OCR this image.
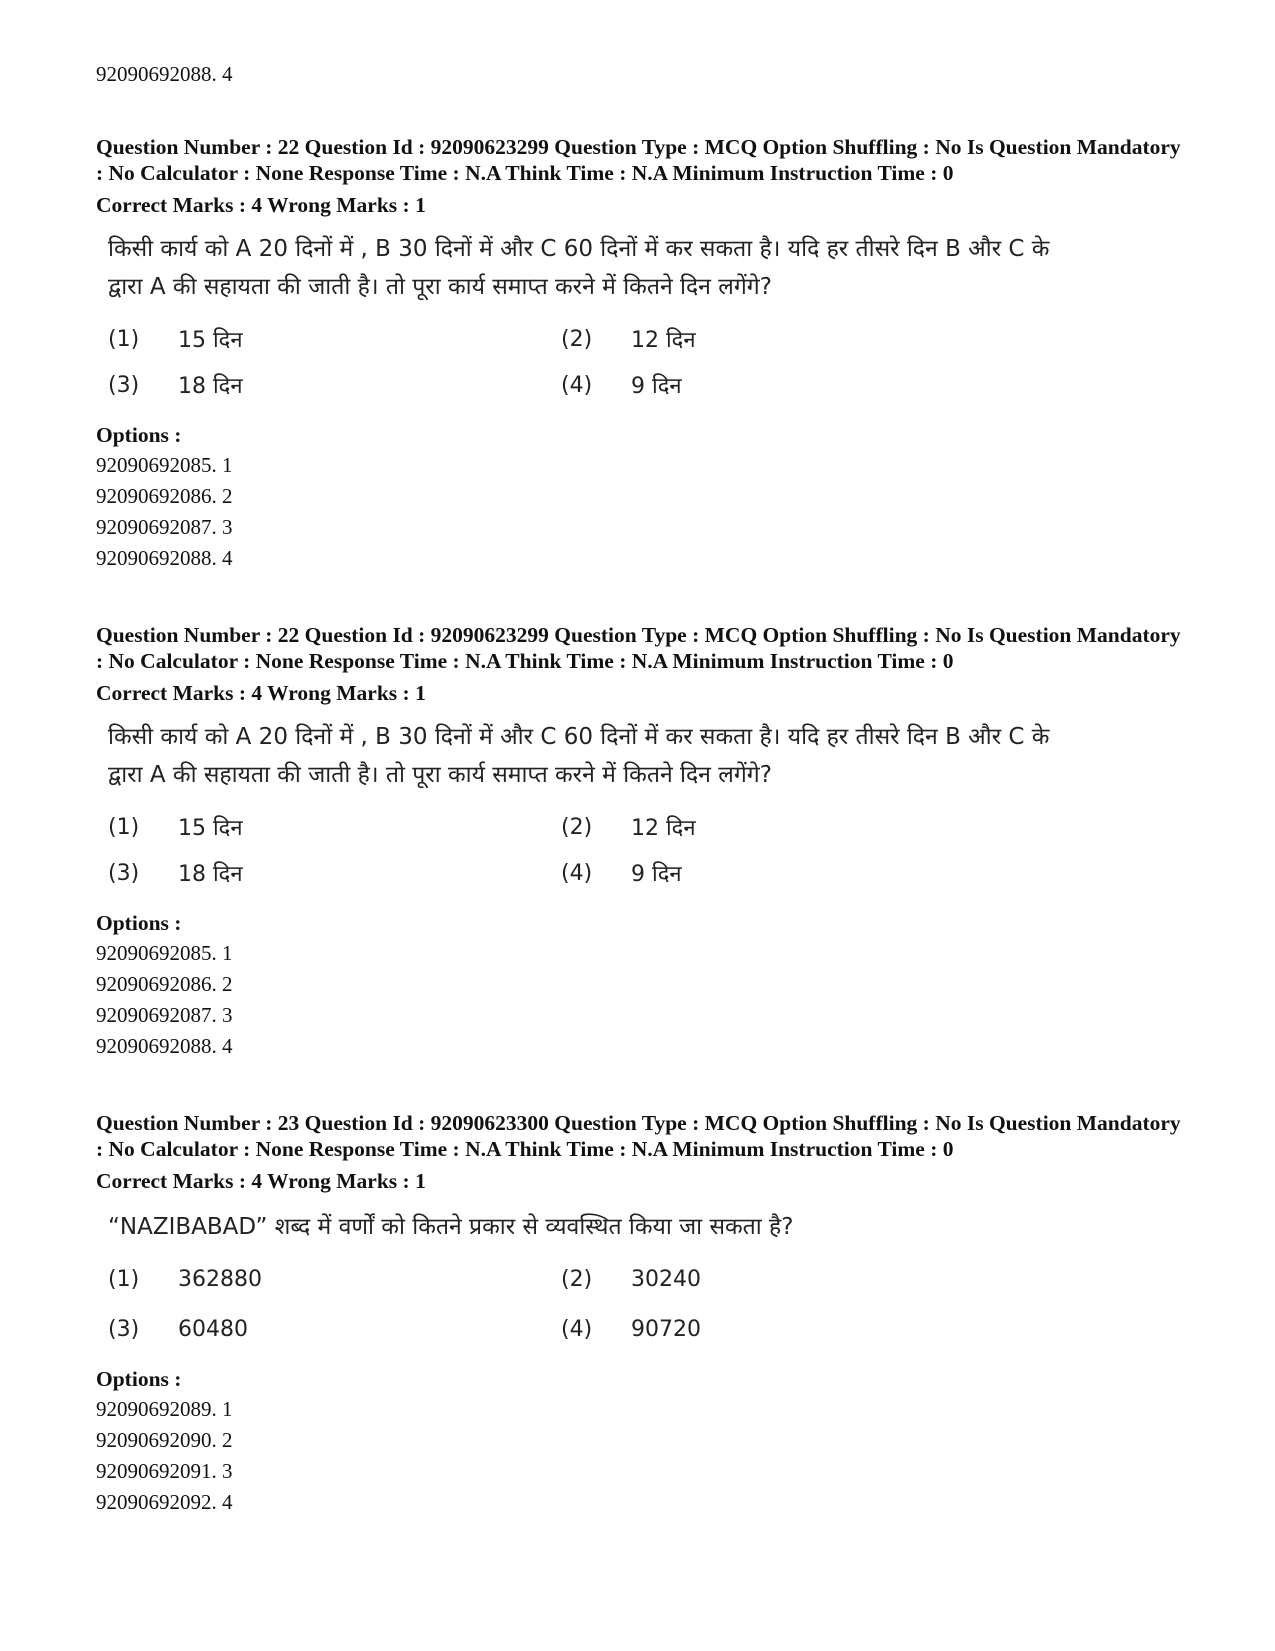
92090692088. 4

Question Number : 22 Question Id : 92090623299 Question Type : MCQ Option Shuffling : No Is Question Mandatory : No Calculator : None Response Time : N.A Think Time : N.A Minimum Instruction Time : 0

Correct Marks : 4 Wrong Marks : 1
किसी कार्य को A 20 दिनों में , B 30 दिनों में और C 60 दिनों में कर सकता है। यदि हर तीसरे दिन B और C के द्वारा A की सहायता की जाती है। तो पूरा कार्य समाप्त करने में कितने दिन लगेंगे?
(1)	15 दिन	(2)	12 दिन
(3)	18 दिन	(4)	9 दिन
Options :
92090692085. 1
92090692086. 2
92090692087. 3
92090692088. 4

Question Number : 22 Question Id : 92090623299 Question Type : MCQ Option Shuffling : No Is Question Mandatory : No Calculator : None Response Time : N.A Think Time : N.A Minimum Instruction Time : 0

Correct Marks : 4 Wrong Marks : 1
किसी कार्य को A 20 दिनों में , B 30 दिनों में और C 60 दिनों में कर सकता है। यदि हर तीसरे दिन B और C के द्वारा A की सहायता की जाती है। तो पूरा कार्य समाप्त करने में कितने दिन लगेंगे?
(1)	15 दिन	(2)	12 दिन
(3)	18 दिन	(4)	9 दिन
Options :
92090692085. 1
92090692086. 2
92090692087. 3
92090692088. 4

Question Number : 23 Question Id : 92090623300 Question Type : MCQ Option Shuffling : No Is Question Mandatory : No Calculator : None Response Time : N.A Think Time : N.A Minimum Instruction Time : 0

Correct Marks : 4 Wrong Marks : 1
“NAZIBABAD” शब्द में वर्णों को कितने प्रकार से व्यवस्थित किया जा सकता है?
(1)	362880	(2)	30240
(3)	60480	(4)	90720
Options :
92090692089. 1
92090692090. 2
92090692091. 3
92090692092. 4
